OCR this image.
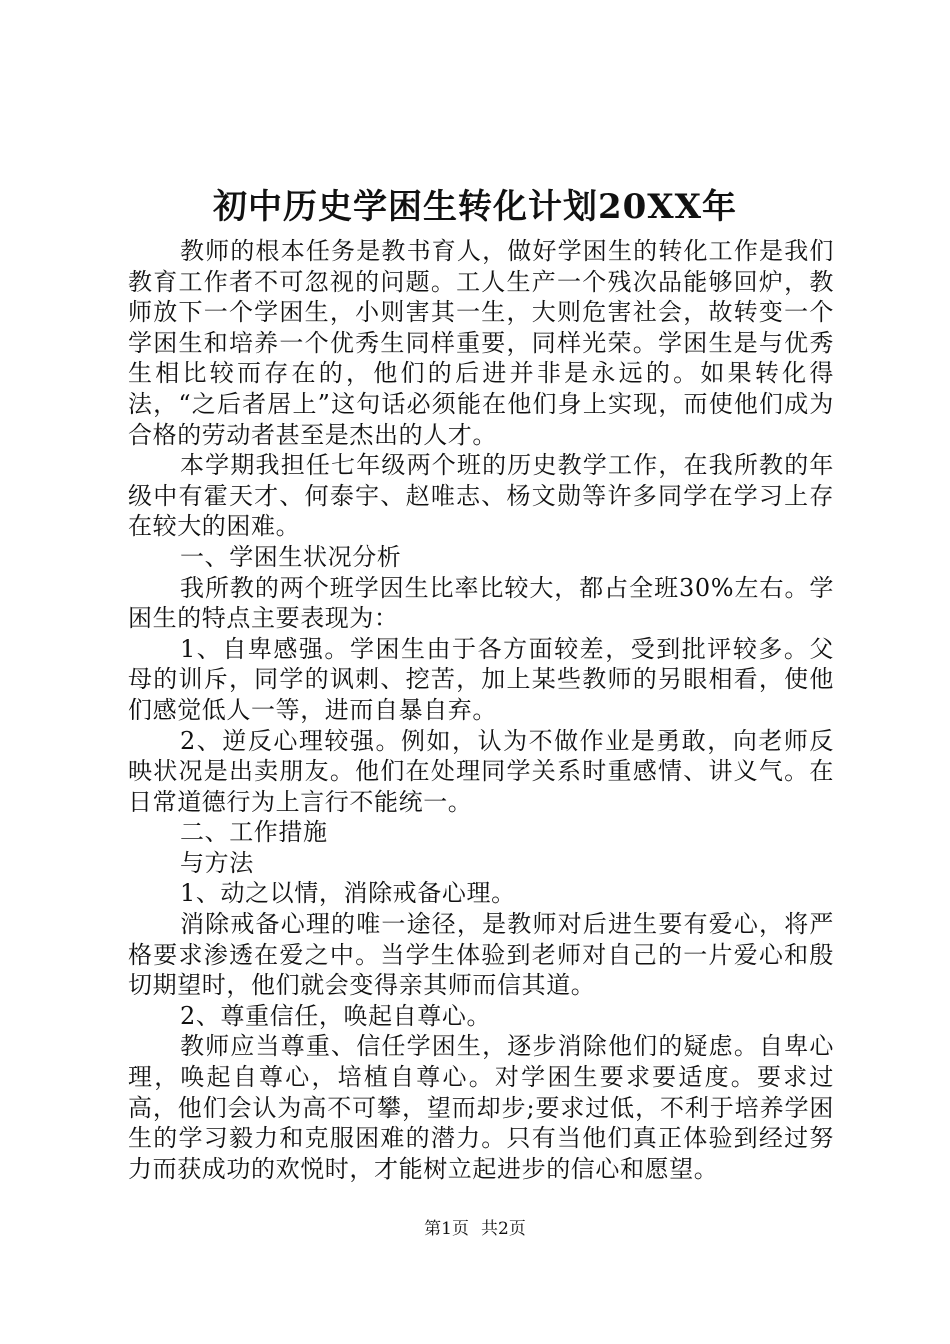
初中历史学困生转化计划20XX年

教师的根本任务是教书育人，做好学困生的转化工作是我们教育工作者不可忽视的问题。工人生产一个残次品能够回炉，教师放下一个学困生，小则害其一生，大则危害社会，故转变一个学困生和培养一个优秀生同样重要，同样光荣。学困生是与优秀生相比较而存在的，他们的后进并非是永远的。如果转化得法，“之后者居上”这句话必须能在他们身上实现，而使他们成为合格的劳动者甚至是杰出的人才。

本学期我担任七年级两个班的历史教学工作，在我所教的年级中有霍天才、何泰宇、赵唯志、杨文勋等许多同学在学习上存在较大的困难。

一、学困生状况分析

我所教的两个班学因生比率比较大，都占全班30%左右。学困生的特点主要表现为：

1、自卑感强。学困生由于各方面较差，受到批评较多。父母的训斥，同学的讽刺、挖苦，加上某些教师的另眼相看，使他们感觉低人一等，进而自暴自弃。

2、逆反心理较强。例如，认为不做作业是勇敢，向老师反映状况是出卖朋友。他们在处理同学关系时重感情、讲义气。在日常道德行为上言行不能统一。

二、工作措施

与方法

1、动之以情，消除戒备心理。

消除戒备心理的唯一途径，是教师对后进生要有爱心，将严格要求渗透在爱之中。当学生体验到老师对自己的一片爱心和殷切期望时，他们就会变得亲其师而信其道。

2、尊重信任，唤起自尊心。

教师应当尊重、信任学困生，逐步消除他们的疑虑。自卑心理，唤起自尊心，培植自尊心。对学困生要求要适度。要求过高，他们会认为高不可攀，望而却步;要求过低，不利于培养学困生的学习毅力和克服困难的潜力。只有当他们真正体验到经过努力而获成功的欢悦时，才能树立起进步的信心和愿望。

第1页 共2页
